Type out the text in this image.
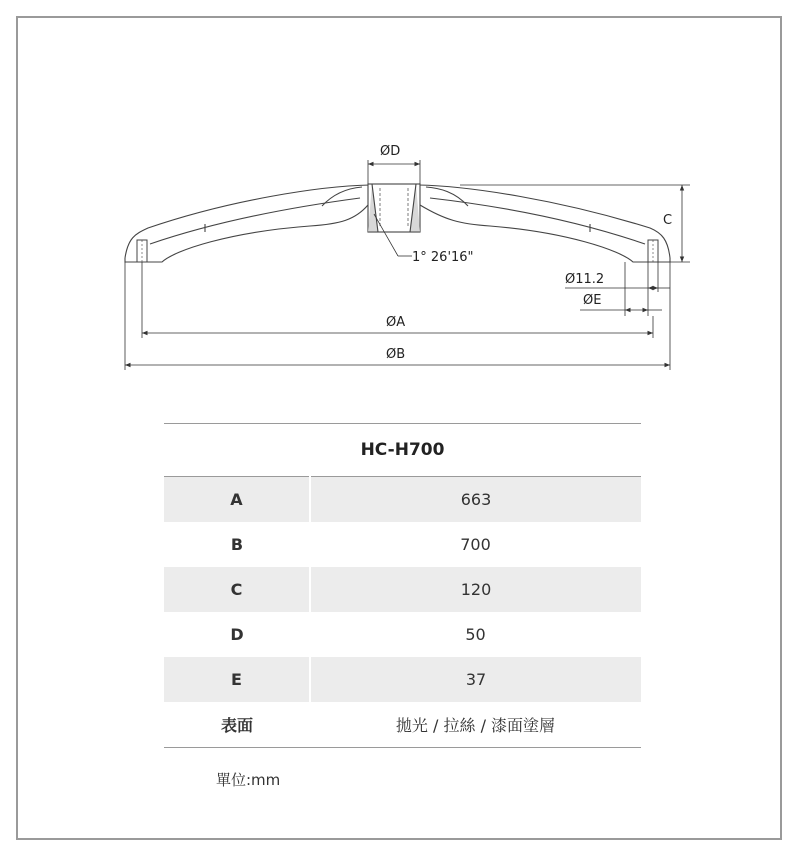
ØD
1° 26'16"
C
Ø11.2
ØE
ØA
ØB
HC-H700	
A	663
B	700
C	120
D	50
E	37
表面	拋光 / 拉絲 / 漆面塗層
單位:mm
